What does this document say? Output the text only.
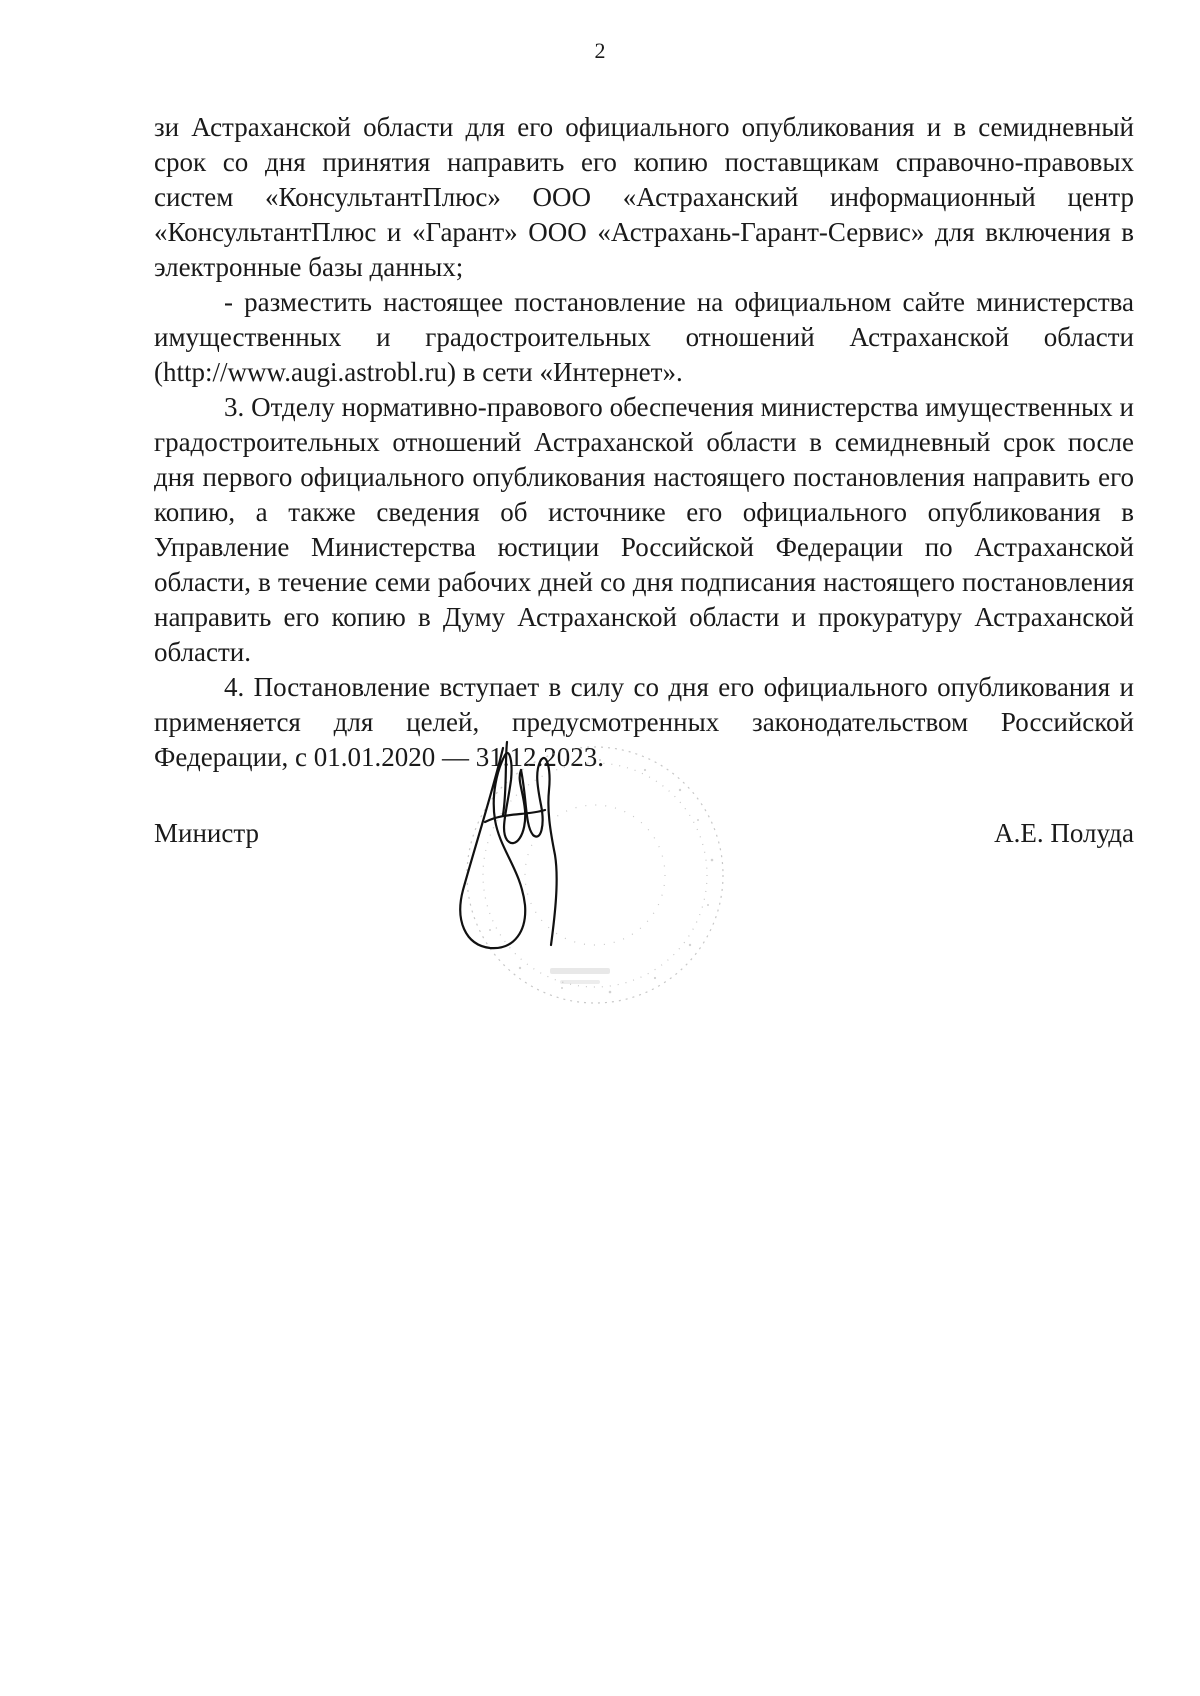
2

зи Астраханской области для его официального опубликования и в семидневный срок со дня принятия направить его копию поставщикам справочно-правовых систем «КонсультантПлюс» ООО «Астраханский информационный центр «КонсультантПлюс и «Гарант» ООО «Астрахань-Гарант-Сервис» для включения в электронные базы данных;

- разместить настоящее постановление на официальном сайте министерства имущественных и градостроительных отношений Астраханской области (http://www.augi.astrobl.ru) в сети «Интернет».

3. Отделу нормативно-правового обеспечения министерства имущественных и градостроительных отношений Астраханской области в семидневный срок после дня первого официального опубликования настоящего постановления направить его копию, а также сведения об источнике его официального опубликования в Управление Министерства юстиции Российской Федерации по Астраханской области, в течение семи рабочих дней со дня подписания настоящего постановления направить его копию в Думу Астраханской области и прокуратуру Астраханской области.

4. Постановление вступает в силу со дня его официального опубликования и применяется для целей, предусмотренных законодательством Российской Федерации, с 01.01.2020 — 31.12.2023.

Министр	А.Е. Полуда
